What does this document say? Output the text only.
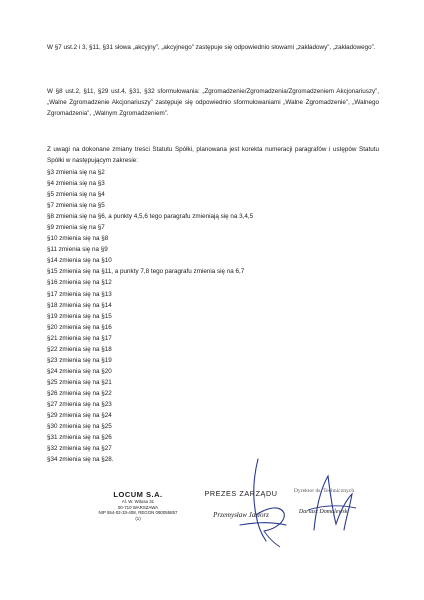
W §7 ust.2 i 3, §11, §31 słowa „akcyjny”, „akcyjnego” zastępuje się odpowiednio słowami „zakładowy”, „zakładowego”.

W §8 ust.2, §11, §29 ust.4, §31, §32 sformułowania: „Zgromadzenie/Zgromadzenia/Zgromadzeniem Akcjonariuszy”, „Walne Zgromadzenie Akcjonariuszy” zastępuje się odpowiednio sformułowaniami „Walne Zgromadzenie”, „Walnego Zgromadzenia”, „Walnym Zgromadzeniem”.

Z uwagi na dokonane zmiany treści Statutu Spółki, planowana jest korekta numeracji paragrafów i ustępów Statutu Spółki w następującym zakresie:

§3 zmienia się na §2
§4 zmienia się na §3
§5 zmienia się na §4
§7 zmienia się na §5
§8 zmienia się na §6, a punkty 4,5,6 tego paragrafu zmieniają się na 3,4,5
§9 zmienia się na §7
§10 zmienia się na §8
§11 zmienia się na §9
§14 zmienia się na §10
§15 zmienia się na §11, a punkty 7,8 tego paragrafu zmienia się na 6,7
§16 zmienia się na §12
§17 zmienia się na §13
§18 zmienia się na §14
§19 zmienia się na §15
§20 zmienia się na §16
§21 zmienia się na §17
§22 zmienia się na §18
§23 zmienia się na §19
§24 zmienia się na §20
§25 zmienia się na §21
§26 zmienia się na §22
§27 zmienia się na §23
§29 zmienia się na §24
§30 zmienia się na §25
§31 zmienia się na §26
§32 zmienia się na §27
§34 zmienia się na §28.
LOCUM S.A.
Al. W. Witosa 31
00-710 WARSZAWA
NIP 554-02-33-408, REGON 090055857
(1)
PREZES ZARZĄDU
Przemysław Jasiorz
Dyrektor ds. Technicznych
Dariusz Domalewski
